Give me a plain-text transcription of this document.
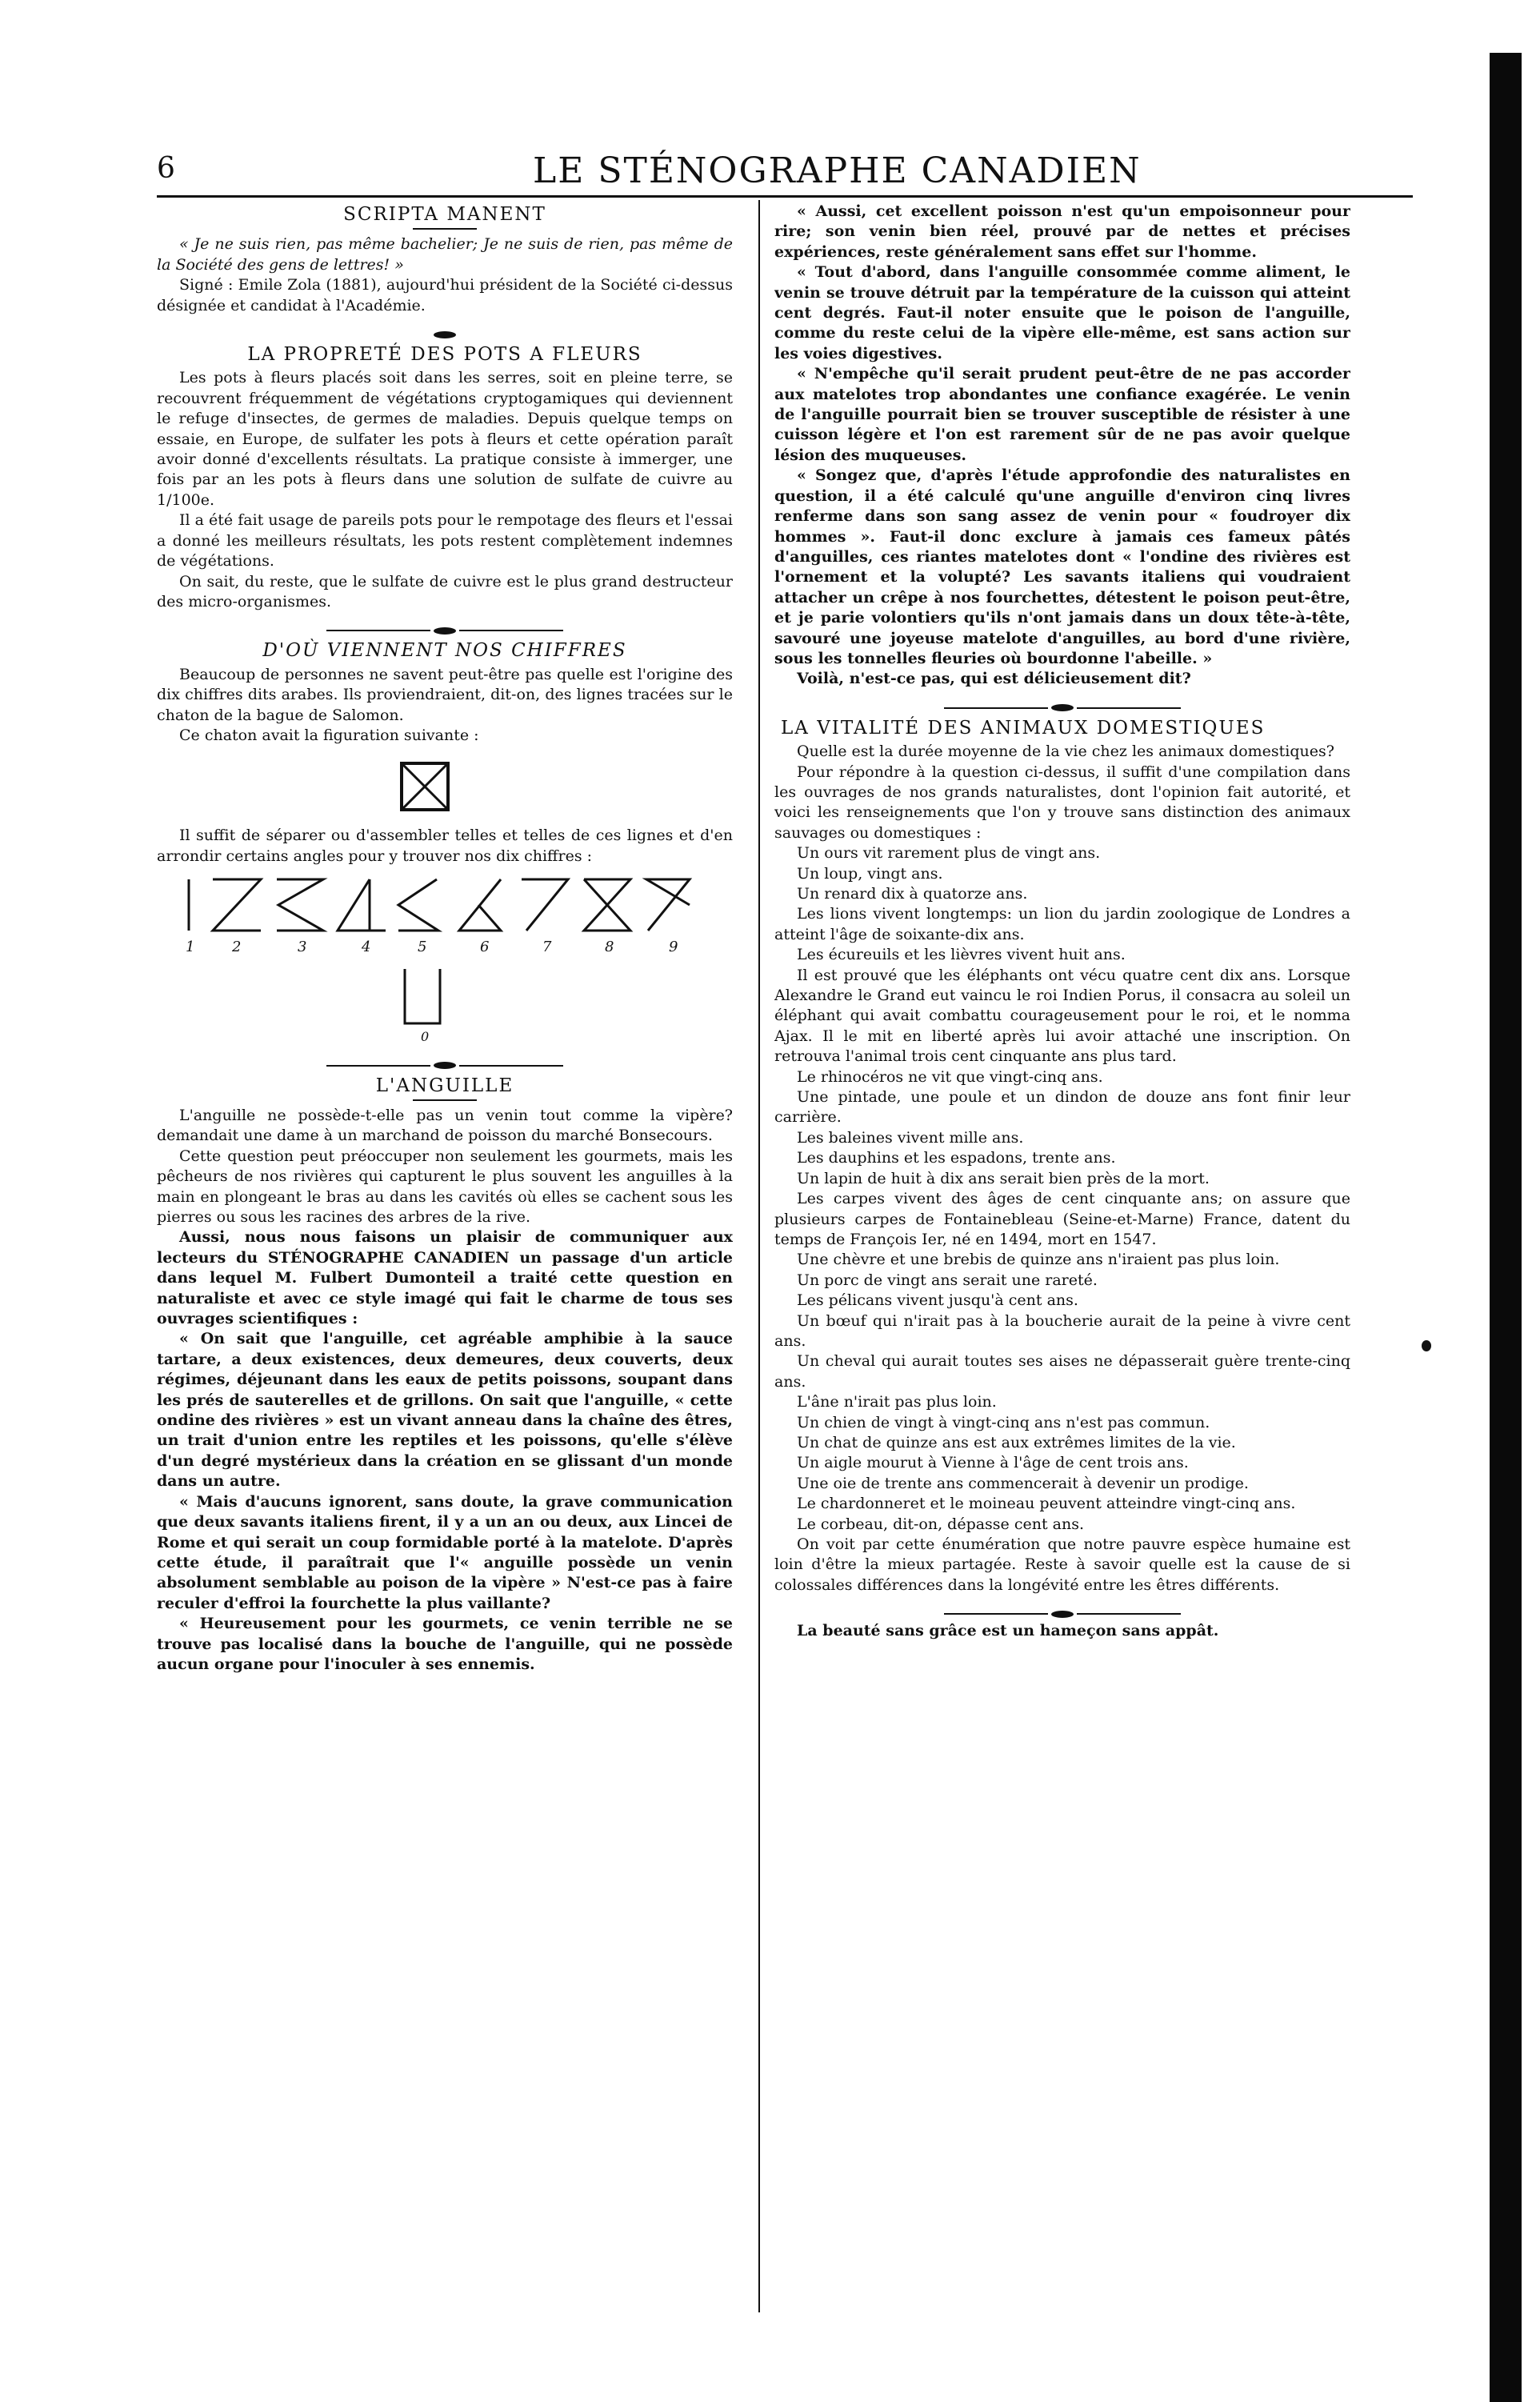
6	LE STÉNOGRAPHE CANADIEN
SCRIPTA MANENT

« Je ne suis rien, pas même bachelier; Je ne suis de rien, pas même de la Société des gens de lettres! »

Signé : Emile Zola (1881), aujourd'hui président de la Société ci-dessus désignée et candidat à l'Académie.

LA PROPRETÉ DES POTS A FLEURS

Les pots à fleurs placés soit dans les serres, soit en pleine terre, se recouvrent fréquemment de végétations cryptogamiques qui deviennent le refuge d'insectes, de germes de maladies. Depuis quelque temps on essaie, en Europe, de sulfater les pots à fleurs et cette opération paraît avoir donné d'excellents résultats. La pratique consiste à immerger, une fois par an les pots à fleurs dans une solution de sulfate de cuivre au 1/100e.

Il a été fait usage de pareils pots pour le rempotage des fleurs et l'essai a donné les meilleurs résultats, les pots restent complètement indemnes de végétations.

On sait, du reste, que le sulfate de cuivre est le plus grand destructeur des micro-organismes.

D'OÙ VIENNENT NOS CHIFFRES

Beaucoup de personnes ne savent peut-être pas quelle est l'origine des dix chiffres dits arabes. Ils proviendraient, dit-on, des lignes tracées sur le chaton de la bague de Salomon.

Ce chaton avait la figuration suivante :

Il suffit de séparer ou d'assembler telles et telles de ces lignes et d'en arrondir certains angles pour y trouver nos dix chiffres :

1	2	3	4	5	6	7	8	9
0
L'ANGUILLE

L'anguille ne possède-t-elle pas un venin tout comme la vipère? demandait une dame à un marchand de poisson du marché Bonsecours.

Cette question peut préoccuper non seulement les gourmets, mais les pêcheurs de nos rivières qui capturent le plus souvent les anguilles à la main en plongeant le bras au dans les cavités où elles se cachent sous les pierres ou sous les racines des arbres de la rive.

Aussi, nous nous faisons un plaisir de communiquer aux lecteurs du STÉNOGRAPHE CANADIEN un passage d'un article dans lequel M. Fulbert Dumonteil a traité cette question en naturaliste et avec ce style imagé qui fait le charme de tous ses ouvrages scientifiques :

« On sait que l'anguille, cet agréable amphibie à la sauce tartare, a deux existences, deux demeures, deux couverts, deux régimes, déjeunant dans les eaux de petits poissons, soupant dans les prés de sauterelles et de grillons. On sait que l'anguille, « cette ondine des rivières » est un vivant anneau dans la chaîne des êtres, un trait d'union entre les reptiles et les poissons, qu'elle s'élève d'un degré mystérieux dans la création en se glissant d'un monde dans un autre.

« Mais d'aucuns ignorent, sans doute, la grave communication que deux savants italiens firent, il y a un an ou deux, aux Lincei de Rome et qui serait un coup formidable porté à la matelote. D'après cette étude, il paraîtrait que l'« anguille possède un venin absolument semblable au poison de la vipère » N'est-ce pas à faire reculer d'effroi la fourchette la plus vaillante?

« Heureusement pour les gourmets, ce venin terrible ne se trouve pas localisé dans la bouche de l'anguille, qui ne possède aucun organe pour l'inoculer à ses ennemis.

« Aussi, cet excellent poisson n'est qu'un empoisonneur pour rire; son venin bien réel, prouvé par de nettes et précises expériences, reste généralement sans effet sur l'homme.

« Tout d'abord, dans l'anguille consommée comme aliment, le venin se trouve détruit par la température de la cuisson qui atteint cent degrés. Faut-il noter ensuite que le poison de l'anguille, comme du reste celui de la vipère elle-même, est sans action sur les voies digestives.

« N'empêche qu'il serait prudent peut-être de ne pas accorder aux matelotes trop abondantes une confiance exagérée. Le venin de l'anguille pourrait bien se trouver susceptible de résister à une cuisson légère et l'on est rarement sûr de ne pas avoir quelque lésion des muqueuses.

« Songez que, d'après l'étude approfondie des naturalistes en question, il a été calculé qu'une anguille d'environ cinq livres renferme dans son sang assez de venin pour « foudroyer dix hommes ». Faut-il donc exclure à jamais ces fameux pâtés d'anguilles, ces riantes matelotes dont « l'ondine des rivières est l'ornement et la volupté? Les savants italiens qui voudraient attacher un crêpe à nos fourchettes, détestent le poison peut-être, et je parie volontiers qu'ils n'ont jamais dans un doux tête-à-tête, savouré une joyeuse matelote d'anguilles, au bord d'une rivière, sous les tonnelles fleuries où bourdonne l'abeille. »

Voilà, n'est-ce pas, qui est délicieusement dit?

LA VITALITÉ DES ANIMAUX DOMESTIQUES

Quelle est la durée moyenne de la vie chez les animaux domestiques?

Pour répondre à la question ci-dessus, il suffit d'une compilation dans les ouvrages de nos grands naturalistes, dont l'opinion fait autorité, et voici les renseignements que l'on y trouve sans distinction des animaux sauvages ou domestiques :

Un ours vit rarement plus de vingt ans.

Un loup, vingt ans.

Un renard dix à quatorze ans.

Les lions vivent longtemps: un lion du jardin zoologique de Londres a atteint l'âge de soixante-dix ans.

Les écureuils et les lièvres vivent huit ans.

Il est prouvé que les éléphants ont vécu quatre cent dix ans. Lorsque Alexandre le Grand eut vaincu le roi Indien Porus, il consacra au soleil un éléphant qui avait combattu courageusement pour le roi, et le nomma Ajax. Il le mit en liberté après lui avoir attaché une inscription. On retrouva l'animal trois cent cinquante ans plus tard.

Le rhinocéros ne vit que vingt-cinq ans.

Une pintade, une poule et un dindon de douze ans font finir leur carrière.

Les baleines vivent mille ans.

Les dauphins et les espadons, trente ans.

Un lapin de huit à dix ans serait bien près de la mort.

Les carpes vivent des âges de cent cinquante ans; on assure que plusieurs carpes de Fontainebleau (Seine-et-Marne) France, datent du temps de François Ier, né en 1494, mort en 1547.

Une chèvre et une brebis de quinze ans n'iraient pas plus loin.

Un porc de vingt ans serait une rareté.

Les pélicans vivent jusqu'à cent ans.

Un bœuf qui n'irait pas à la boucherie aurait de la peine à vivre cent ans.

Un cheval qui aurait toutes ses aises ne dépasserait guère trente-cinq ans.

L'âne n'irait pas plus loin.

Un chien de vingt à vingt-cinq ans n'est pas commun.

Un chat de quinze ans est aux extrêmes limites de la vie.

Un aigle mourut à Vienne à l'âge de cent trois ans.

Une oie de trente ans commencerait à devenir un prodige.

Le chardonneret et le moineau peuvent atteindre vingt-cinq ans.

Le corbeau, dit-on, dépasse cent ans.

On voit par cette énumération que notre pauvre espèce humaine est loin d'être la mieux partagée. Reste à savoir quelle est la cause de si colossales différences dans la longévité entre les êtres différents.

La beauté sans grâce est un hameçon sans appât.
